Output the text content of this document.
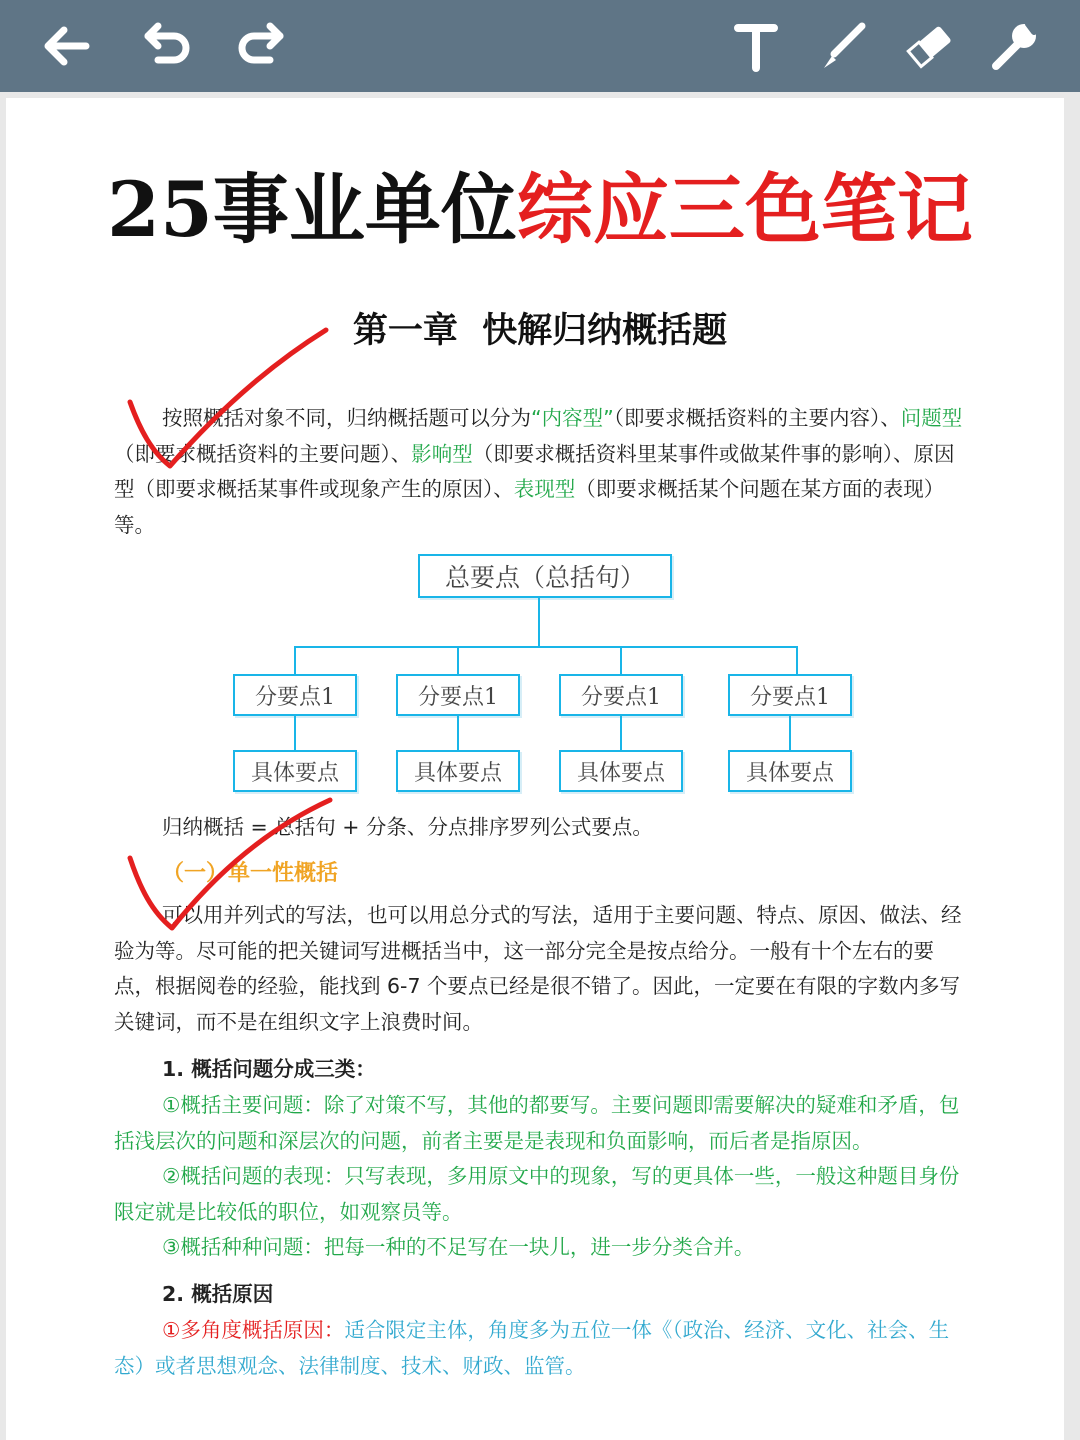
25事业单位综应三色笔记
第一章  快解归纳概括题
按照概括对象不同，归纳概括题可以分为“内容型”（即要求概括资料的主要内容）、问题型（即要求概括资料的主要问题）、影响型（即要求概括资料里某事件或做某件事的影响）、原因型（即要求概括某事件或现象产生的原因）、表现型（即要求概括某个问题在某方面的表现）等。
总要点（总括句）
分要点1	分要点1	分要点1	分要点1
具体要点	具体要点	具体要点	具体要点
归纳概括 = 总括句 + 分条、分点排序罗列公式要点。
（一）单一性概括
可以用并列式的写法，也可以用总分式的写法，适用于主要问题、特点、原因、做法、经验为等。尽可能的把关键词写进概括当中，这一部分完全是按点给分。一般有十个左右的要点，根据阅卷的经验，能找到 6-7 个要点已经是很不错了。因此，一定要在有限的字数内多写关键词，而不是在组织文字上浪费时间。
1. 概括问题分成三类：
①概括主要问题：除了对策不写，其他的都要写。主要问题即需要解决的疑难和矛盾，包括浅层次的问题和深层次的问题，前者主要是是表现和负面影响，而后者是指原因。
②概括问题的表现：只写表现，多用原文中的现象，写的更具体一些，一般这种题目身份限定就是比较低的职位，如观察员等。
③概括种种问题：把每一种的不足写在一块儿，进一步分类合并。
2. 概括原因
①多角度概括原因：适合限定主体，角度多为五位一体《（政治、经济、文化、社会、生态）或者思想观念、法律制度、技术、财政、监管。
